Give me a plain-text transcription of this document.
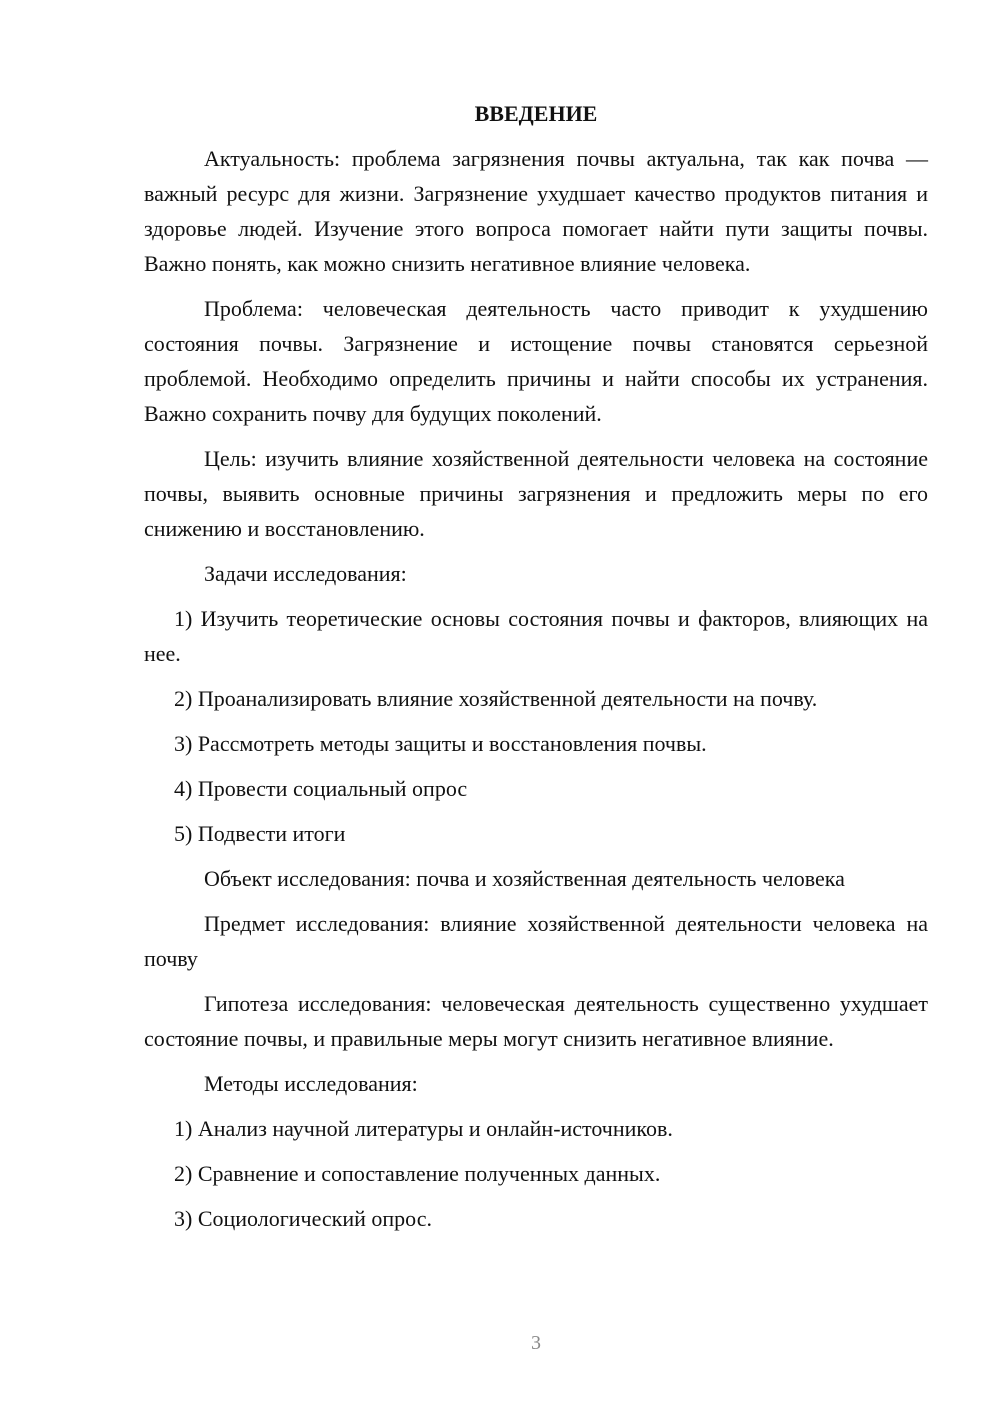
ВВЕДЕНИЕ

Актуальность: проблема загрязнения почвы актуальна, так как почва — важный ресурс для жизни. Загрязнение ухудшает качество продуктов питания и здоровье людей. Изучение этого вопроса помогает найти пути защиты почвы. Важно понять, как можно снизить негативное влияние человека.

Проблема: человеческая деятельность часто приводит к ухудшению состояния почвы. Загрязнение и истощение почвы становятся серьезной проблемой. Необходимо определить причины и найти способы их устранения. Важно сохранить почву для будущих поколений.

Цель: изучить влияние хозяйственной деятельности человека на состояние почвы, выявить основные причины загрязнения и предложить меры по его снижению и восстановлению.

Задачи исследования:

1) Изучить теоретические основы состояния почвы и факторов, влияющих на нее.

2) Проанализировать влияние хозяйственной деятельности на почву.

3) Рассмотреть методы защиты и восстановления почвы.

4) Провести социальный опрос

5) Подвести итоги

Объект исследования: почва и хозяйственная деятельность человека

Предмет исследования: влияние хозяйственной деятельности человека на почву

Гипотеза исследования: человеческая деятельность существенно ухудшает состояние почвы, и правильные меры могут снизить негативное влияние.

Методы исследования:

1) Анализ научной литературы и онлайн-источников.

2) Сравнение и сопоставление полученных данных.

3) Социологический опрос.

3
